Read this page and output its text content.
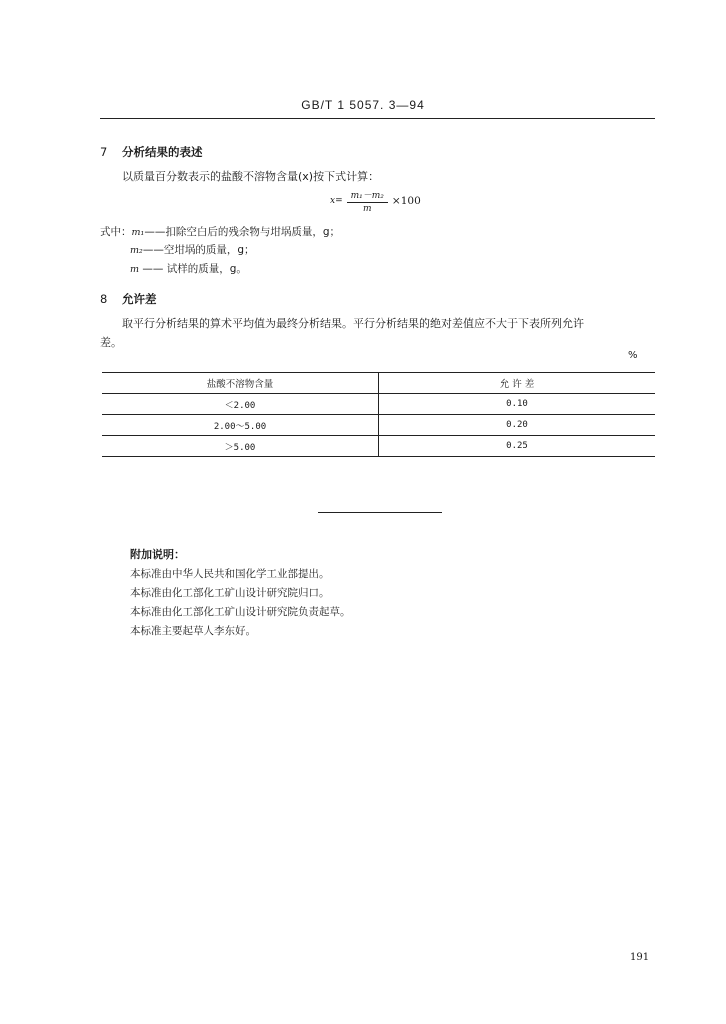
GB/T 1 5057. 3—94
7 分析结果的表述
以质量百分数表示的盐酸不溶物含量(x)按下式计算：
$x= \frac{\text{m₁－m₂}}{m} \times 100$
式中：m₁——扣除空白后的残余物与坩埚质量，g；
m₂——空坩埚的质量，g；
m —— 试样的质量，g。
8 允许差
取平行分析结果的算术平均值为最终分析结果。平行分析结果的绝对差值应不大于下表所列允许
差。
%
盐酸不溶物含量	允 许 差
＜2.00	0.10
2.00～5.00	0.20
＞5.00	0.25
附加说明：
本标准由中华人民共和国化学工业部提出。
本标准由化工部化工矿山设计研究院归口。
本标准由化工部化工矿山设计研究院负责起草。
本标准主要起草人李东好。
191
